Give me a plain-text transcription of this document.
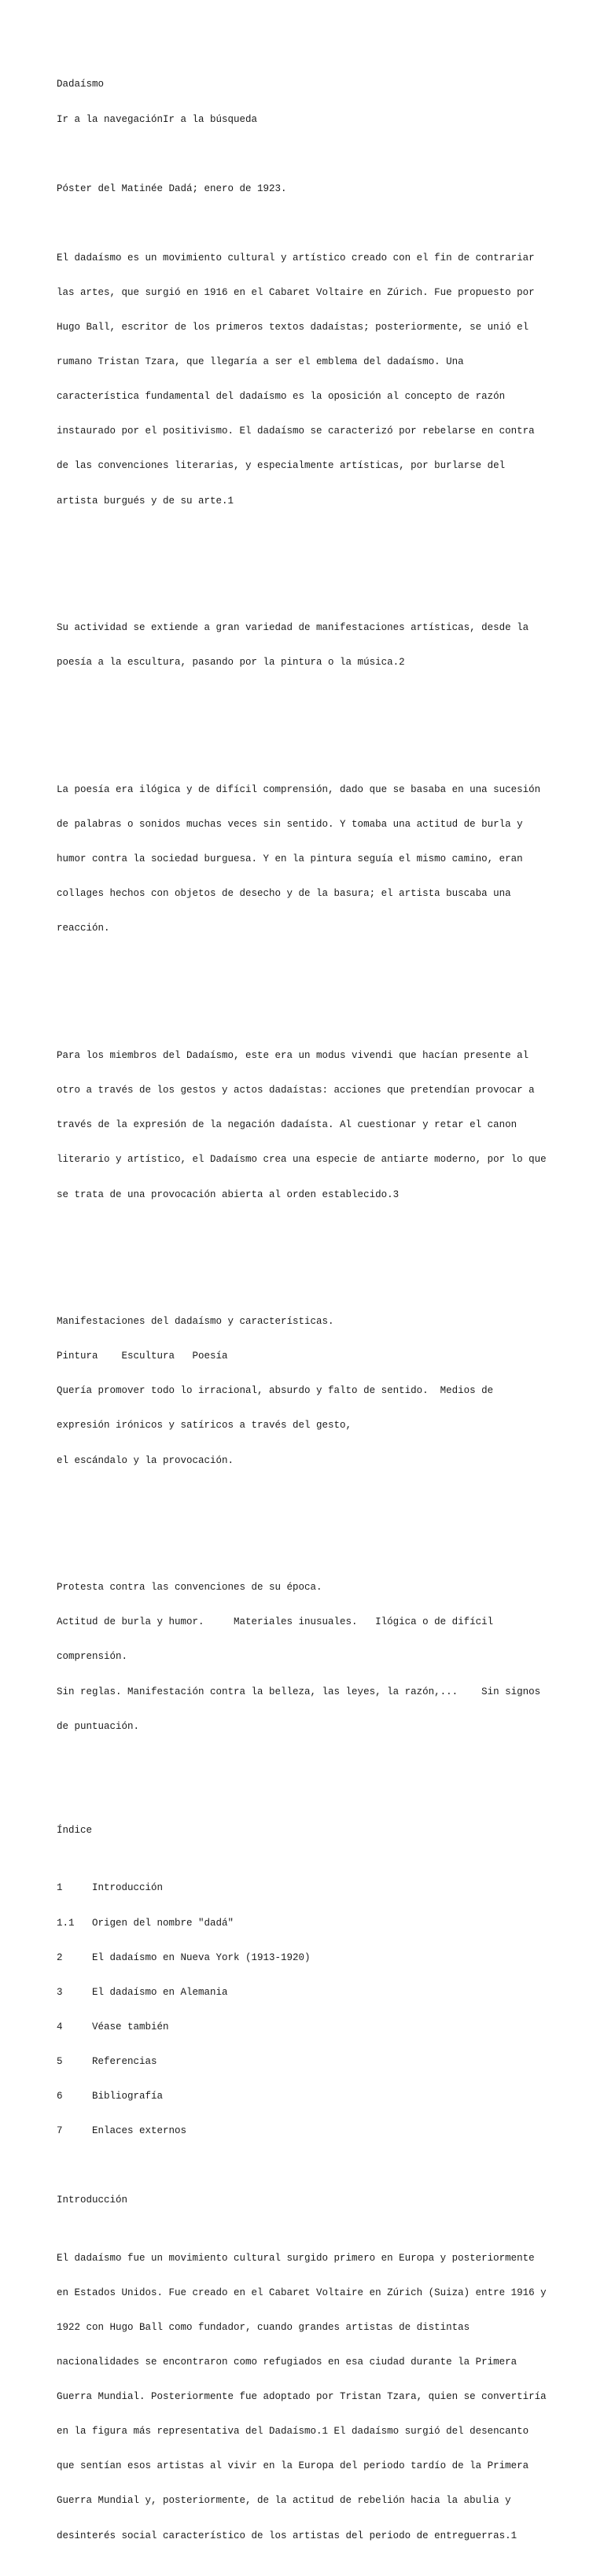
Dadaísmo

Ir a la navegaciónIr a la búsqueda

Póster del Matinée Dadá; enero de 1923.

El dadaísmo es un movimiento cultural y artístico creado con el fin de contrariar

las artes, que surgió en 1916 en el Cabaret Voltaire en Zúrich. Fue propuesto por

Hugo Ball, escritor de los primeros textos dadaístas; posteriormente, se unió el

rumano Tristan Tzara, que llegaría a ser el emblema del dadaísmo. Una

característica fundamental del dadaísmo es la oposición al concepto de razón

instaurado por el positivismo. El dadaísmo se caracterizó por rebelarse en contra

de las convenciones literarias, y especialmente artísticas, por burlarse del

artista burgués y de su arte.1

Su actividad se extiende a gran variedad de manifestaciones artísticas, desde la

poesía a la escultura, pasando por la pintura o la música.2

La poesía era ilógica y de difícil comprensión, dado que se basaba en una sucesión

de palabras o sonidos muchas veces sin sentido. Y tomaba una actitud de burla y

humor contra la sociedad burguesa. Y en la pintura seguía el mismo camino, eran

collages hechos con objetos de desecho y de la basura; el artista buscaba una

reacción.

Para los miembros del Dadaísmo, este era un modus vivendi que hacían presente al

otro a través de los gestos y actos dadaístas: acciones que pretendían provocar a

través de la expresión de la negación dadaísta. Al cuestionar y retar el canon

literario y artístico, el Dadaísmo crea una especie de antiarte moderno, por lo que

se trata de una provocación abierta al orden establecido.3

Manifestaciones del dadaísmo y características.

Pintura    Escultura   Poesía

Quería promover todo lo irracional, absurdo y falto de sentido.  Medios de

expresión irónicos y satíricos a través del gesto,

el escándalo y la provocación.

Protesta contra las convenciones de su época.

Actitud de burla y humor.     Materiales inusuales.   Ilógica o de difícil

comprensión.

Sin reglas. Manifestación contra la belleza, las leyes, la razón,...    Sin signos

de puntuación.

Índice

1     Introducción

1.1   Origen del nombre "dadá"

2     El dadaísmo en Nueva York (1913-1920)

3     El dadaísmo en Alemania

4     Véase también

5     Referencias

6     Bibliografía

7     Enlaces externos

Introducción

El dadaísmo fue un movimiento cultural surgido primero en Europa y posteriormente

en Estados Unidos. Fue creado en el Cabaret Voltaire en Zúrich (Suiza) entre 1916 y

1922 con Hugo Ball como fundador, cuando grandes artistas de distintas

nacionalidades se encontraron como refugiados en esa ciudad durante la Primera

Guerra Mundial. Posteriormente fue adoptado por Tristan Tzara, quien se convertiría

en la figura más representativa del Dadaísmo.1 El dadaísmo surgió del desencanto

que sentían esos artistas al vivir en la Europa del periodo tardío de la Primera

Guerra Mundial y, posteriormente, de la actitud de rebelión hacia la abulia y

desinterés social característico de los artistas del periodo de entreguerras.1
